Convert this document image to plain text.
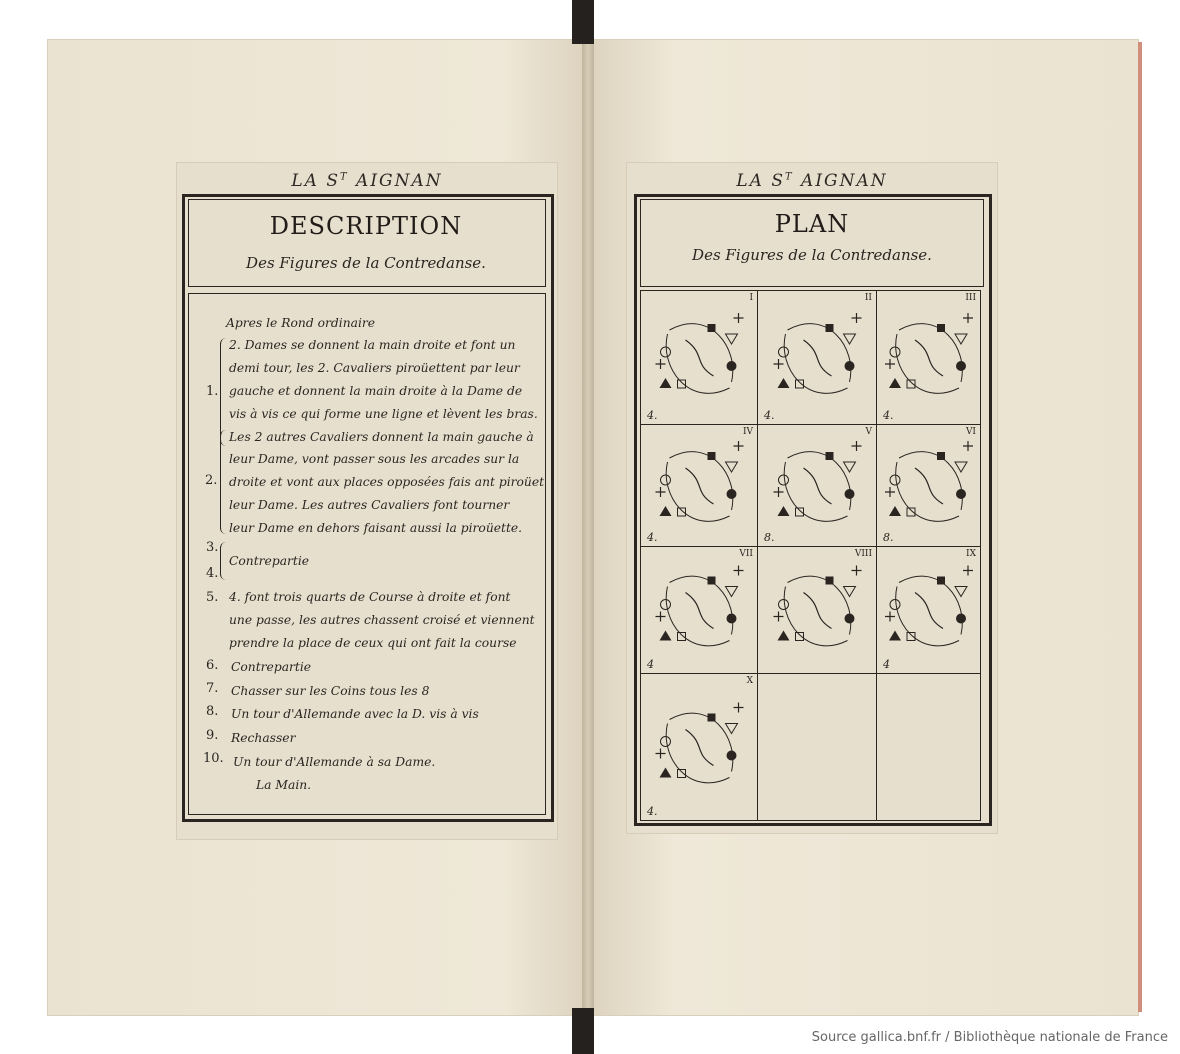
LA $S^T$ AIGNAN
DESCRIPTION
Des Figures de la Contredanse.
Apres le Rond ordinaire
2. Dames se donnent la main droite et font un
demi tour, les 2. Cavaliers piroüettent par leur
gauche et donnent la main droite à la Dame de
vis à vis ce qui forme une ligne et lèvent les bras.
Les 2 autres Cavaliers donnent la main gauche à
leur Dame, vont passer sous les arcades sur la
droite et vont aux places opposées fais ant piroüet
leur Dame. Les autres Cavaliers font tourner
leur Dame en dehors faisant aussi la piroüette.
Contrepartie
4. font trois quarts de Course à droite et font
une passe, les autres chassent croisé et viennent
prendre la place de ceux qui ont fait la course
Contrepartie
Chasser sur les Coins tous les 8
Un tour d'Allemande avec la D. vis à vis
Rechasser
Un tour d'Allemande à sa Dame.
La Main.
1.
2.
3.
4.
5.
6.
7.
8.
9.
10.
LA $S^T$ AIGNAN
PLAN
Des Figures de la Contredanse.
I
4.
II
4.
III
4.
IV
4.
V
8.
VI
8.
VII
4
VIII	IX
4
X
4.
Source gallica.bnf.fr / Bibliothèque nationale de France
